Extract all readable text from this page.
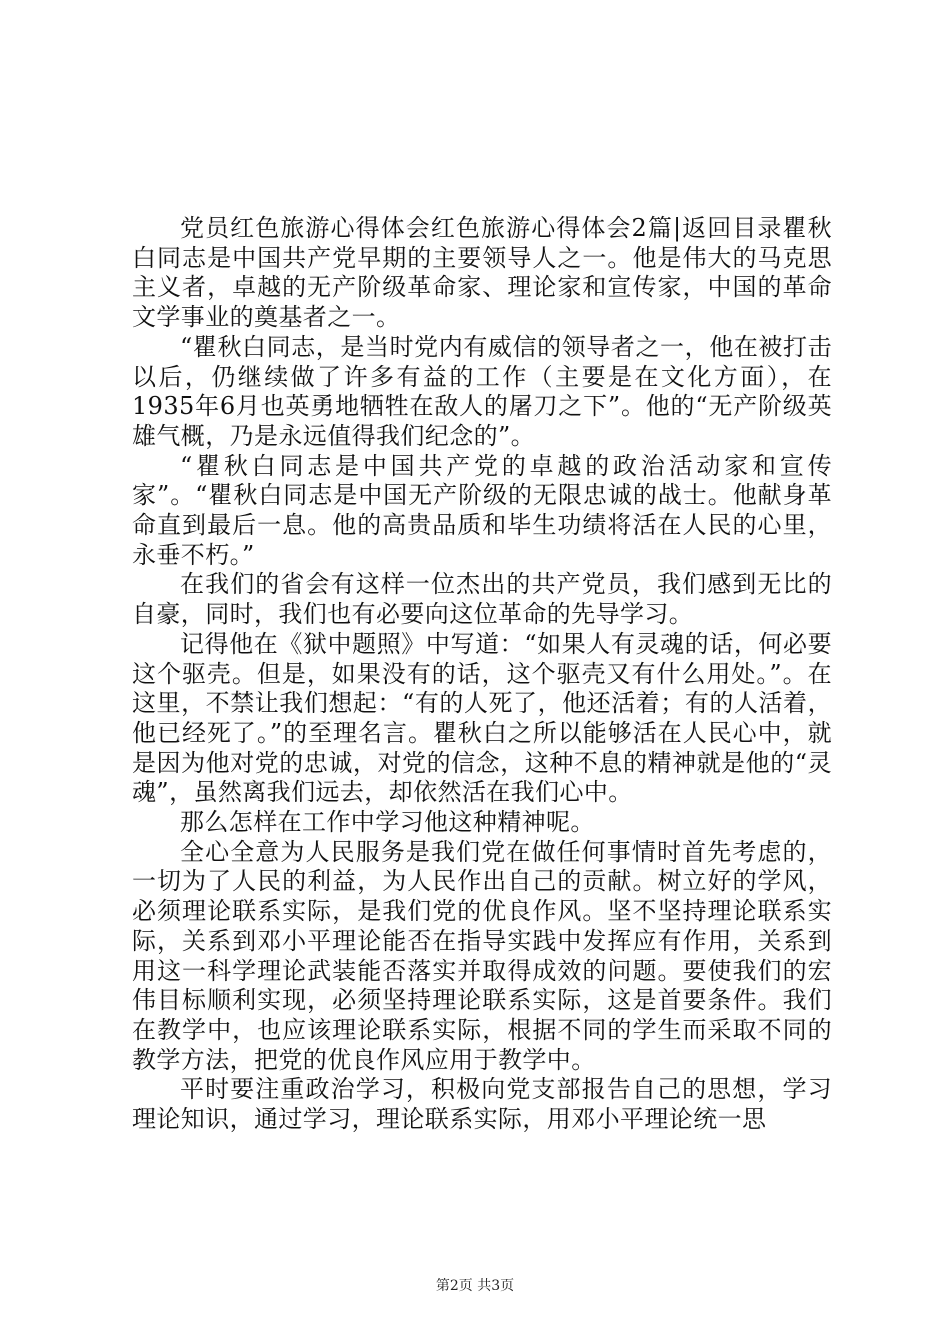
党员红色旅游心得体会红色旅游心得体会2篇|返回目录瞿秋白同志是中国共产党早期的主要领导人之一。他是伟大的马克思主义者，卓越的无产阶级革命家、理论家和宣传家，中国的革命文学事业的奠基者之一。

“瞿秋白同志，是当时党内有威信的领导者之一，他在被打击以后，仍继续做了许多有益的工作（主要是在文化方面），在1935年6月也英勇地牺牲在敌人的屠刀之下”。他的“无产阶级英雄气概，乃是永远值得我们纪念的”。

“瞿秋白同志是中国共产党的卓越的政治活动家和宣传家”。“瞿秋白同志是中国无产阶级的无限忠诚的战士。他献身革命直到最后一息。他的高贵品质和毕生功绩将活在人民的心里，永垂不朽。”

在我们的省会有这样一位杰出的共产党员，我们感到无比的自豪，同时，我们也有必要向这位革命的先导学习。

记得他在《狱中题照》中写道：“如果人有灵魂的话，何必要这个驱壳。但是，如果没有的话，这个驱壳又有什么用处。”。在这里，不禁让我们想起：“有的人死了，他还活着；有的人活着，他已经死了。”的至理名言。瞿秋白之所以能够活在人民心中，就是因为他对党的忠诚，对党的信念，这种不息的精神就是他的“灵魂”，虽然离我们远去，却依然活在我们心中。

那么怎样在工作中学习他这种精神呢。

全心全意为人民服务是我们党在做任何事情时首先考虑的，一切为了人民的利益，为人民作出自己的贡献。树立好的学风，必须理论联系实际，是我们党的优良作风。坚不坚持理论联系实际，关系到邓小平理论能否在指导实践中发挥应有作用，关系到用这一科学理论武装能否落实并取得成效的问题。要使我们的宏伟目标顺利实现，必须坚持理论联系实际，这是首要条件。我们在教学中，也应该理论联系实际，根据不同的学生而采取不同的教学方法，把党的优良作风应用于教学中。

平时要注重政治学习，积极向党支部报告自己的思想，学习理论知识，通过学习，理论联系实际，用邓小平理论统一思

第2页 共3页
